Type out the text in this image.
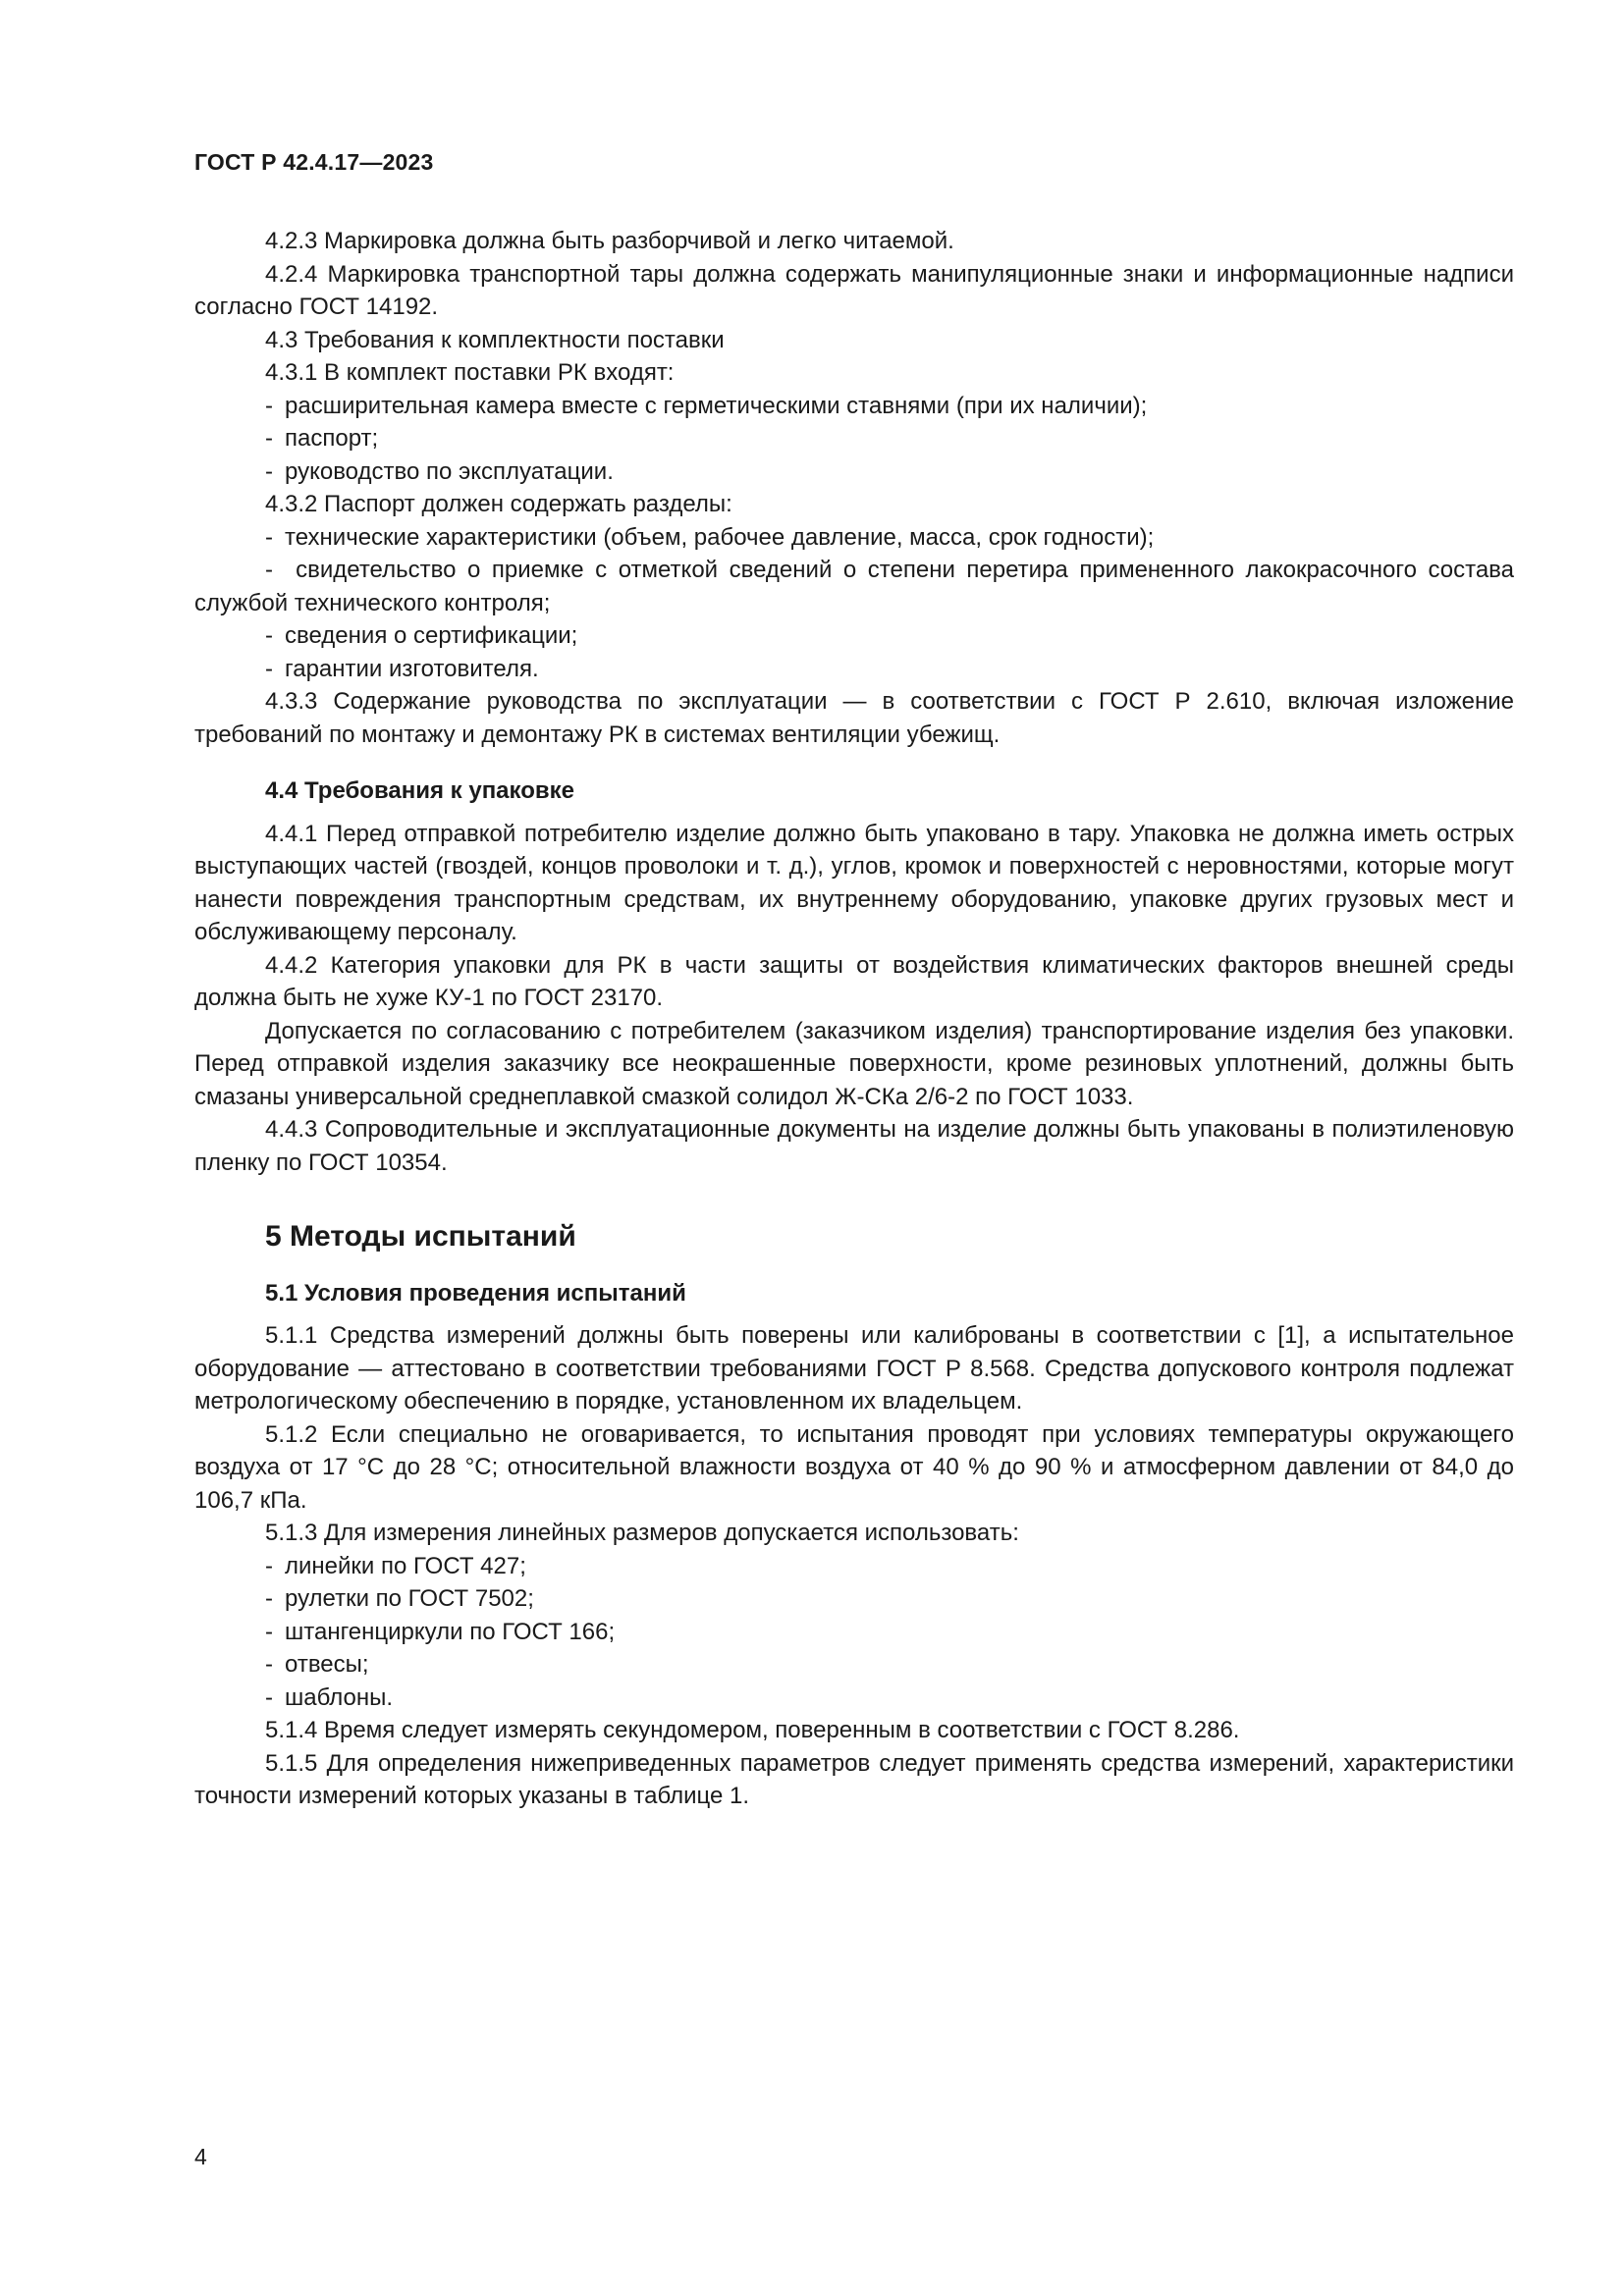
ГОСТ Р 42.4.17—2023

4.2.3 Маркировка должна быть разборчивой и легко читаемой.

4.2.4 Маркировка транспортной тары должна содержать манипуляционные знаки и информационные надписи согласно ГОСТ 14192.

4.3 Требования к комплектности поставки

4.3.1 В комплект поставки РК входят:

- расширительная камера вместе с герметическими ставнями (при их наличии);

- паспорт;

- руководство по эксплуатации.

4.3.2 Паспорт должен содержать разделы:

- технические характеристики (объем, рабочее давление, масса, срок годности);

- свидетельство о приемке с отметкой сведений о степени перетира примененного лакокрасочного состава службой технического контроля;

- сведения о сертификации;

- гарантии изготовителя.

4.3.3 Содержание руководства по эксплуатации — в соответствии с ГОСТ Р 2.610, включая изложение требований по монтажу и демонтажу РК в системах вентиляции убежищ.

4.4 Требования к упаковке

4.4.1 Перед отправкой потребителю изделие должно быть упаковано в тару. Упаковка не должна иметь острых выступающих частей (гвоздей, концов проволоки и т. д.), углов, кромок и поверхностей с неровностями, которые могут нанести повреждения транспортным средствам, их внутреннему оборудованию, упаковке других грузовых мест и обслуживающему персоналу.

4.4.2 Категория упаковки для РК в части защиты от воздействия климатических факторов внешней среды должна быть не хуже КУ-1 по ГОСТ 23170.

Допускается по согласованию с потребителем (заказчиком изделия) транспортирование изделия без упаковки. Перед отправкой изделия заказчику все неокрашенные поверхности, кроме резиновых уплотнений, должны быть смазаны универсальной среднеплавкой смазкой солидол Ж-СКа 2/6-2 по ГОСТ 1033.

4.4.3 Сопроводительные и эксплуатационные документы на изделие должны быть упакованы в полиэтиленовую пленку по ГОСТ 10354.

5 Методы испытаний
5.1 Условия проведения испытаний

5.1.1 Средства измерений должны быть поверены или калиброваны в соответствии с [1], а испытательное оборудование — аттестовано в соответствии требованиями ГОСТ Р 8.568. Средства допускового контроля подлежат метрологическому обеспечению в порядке, установленном их владельцем.

5.1.2 Если специально не оговаривается, то испытания проводят при условиях температуры окружающего воздуха от 17 °С до 28 °С; относительной влажности воздуха от 40 % до 90 % и атмосферном давлении от 84,0 до 106,7 кПа.

5.1.3 Для измерения линейных размеров допускается использовать:

- линейки по ГОСТ 427;

- рулетки по ГОСТ 7502;

- штангенциркули по ГОСТ 166;

- отвесы;

- шаблоны.

5.1.4 Время следует измерять секундомером, поверенным в соответствии с ГОСТ 8.286.

5.1.5 Для определения нижеприведенных параметров следует применять средства измерений, характеристики точности измерений которых указаны в таблице 1.

4
